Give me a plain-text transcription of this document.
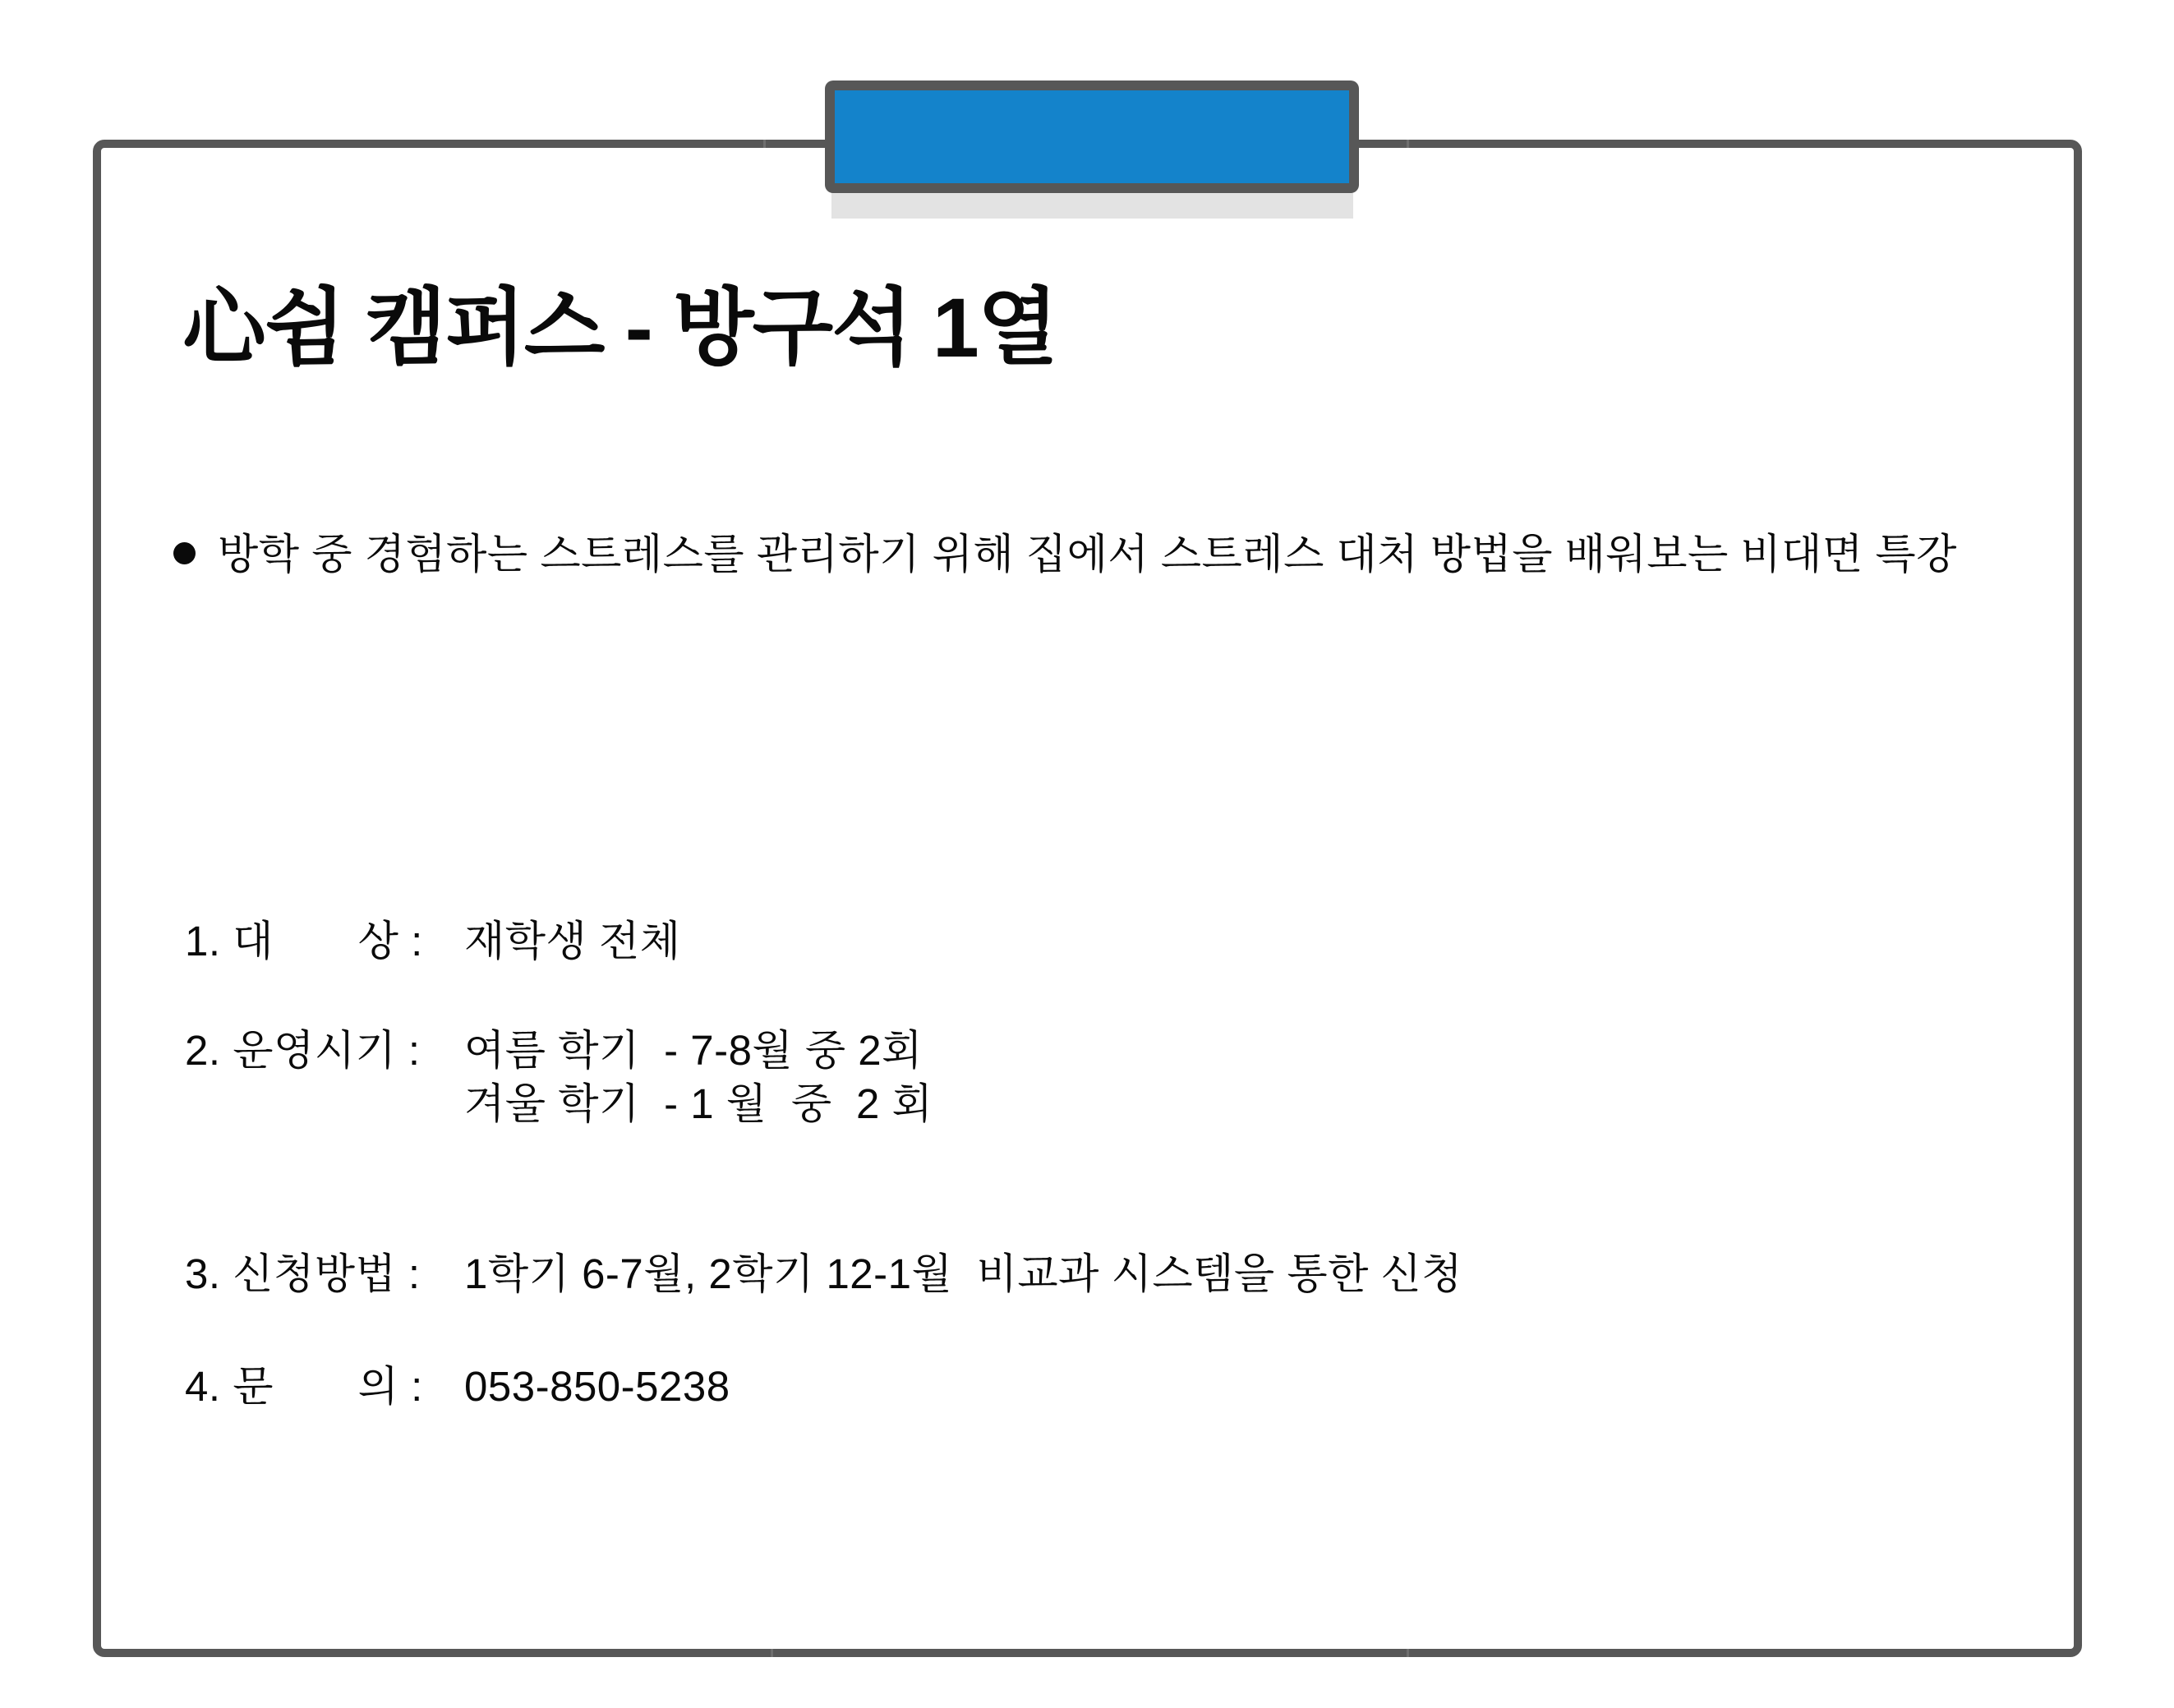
心쉼 캠퍼스 - 방구석 1열
방학 중 경험하는 스트레스를 관리하기 위해 집에서 스트레스 대처 방법을 배워보는 비대면 특강
1. 대       상 : 재학생 전체
2. 운영시기 :	여름 학기  - 7-8월 중 2회
겨울 학기  - 1 월  중  2 회
3. 신청방법 :	1학기 6-7월, 2학기 12-1월  비교과 시스템을 통한 신청
4. 문       의 : 053-850-5238
